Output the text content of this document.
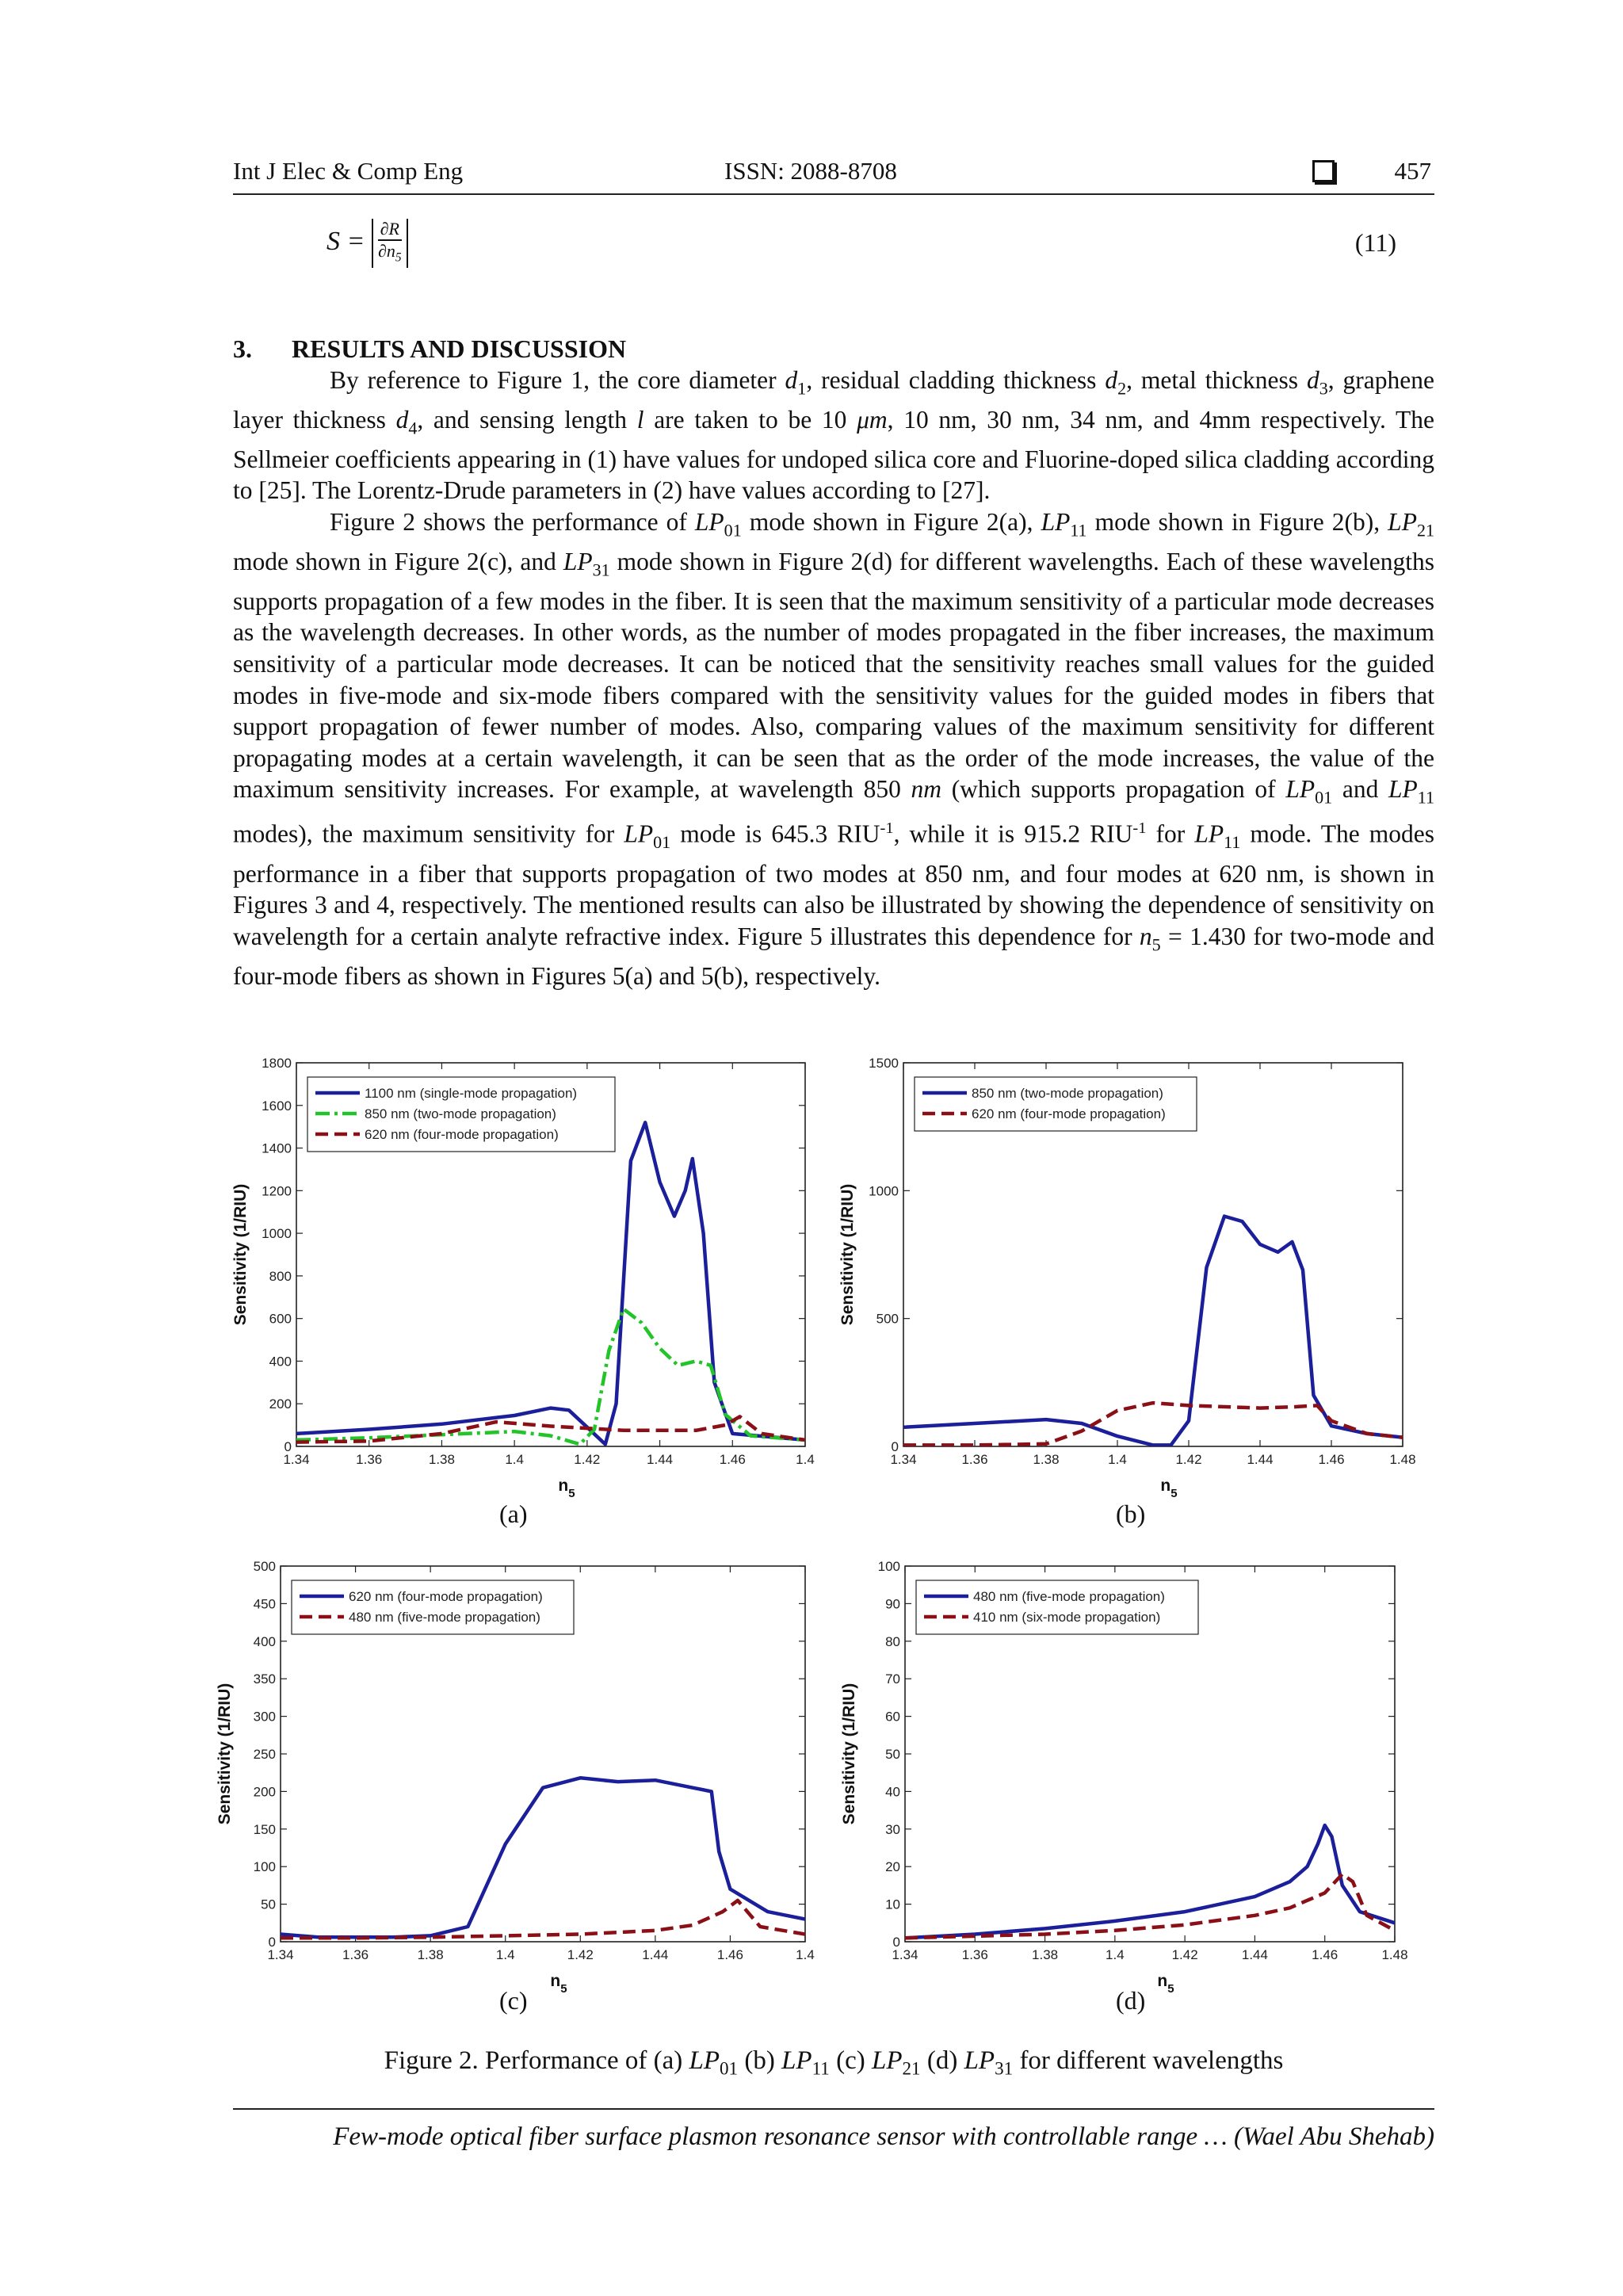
Int J Elec & Comp Eng	ISSN: 2088-8708	457
$S = \frac{\partial R}{\partial n_5}$	(11)
3. RESULTS AND DISCUSSION

By reference to Figure 1, the core diameter $d_1$, residual cladding thickness $d_2$, metal thickness $d_3$, graphene layer thickness $d_4$, and sensing length l are taken to be 10 μm, 10 nm, 30 nm, 34 nm, and 4mm respectively. The Sellmeier coefficients appearing in (1) have values for undoped silica core and Fluorine-doped silica cladding according to [25]. The Lorentz-Drude parameters in (2) have values according to [27].

Figure 2 shows the performance of $LP_{01}$ mode shown in Figure 2(a), $LP_{11}$ mode shown in Figure 2(b), $LP_{21}$ mode shown in Figure 2(c), and $LP_{31}$ mode shown in Figure 2(d) for different wavelengths. Each of these wavelengths supports propagation of a few modes in the fiber. It is seen that the maximum sensitivity of a particular mode decreases as the wavelength decreases. In other words, as the number of modes propagated in the fiber increases, the maximum sensitivity of a particular mode decreases. It can be noticed that the sensitivity reaches small values for the guided modes in five-mode and six-mode fibers compared with the sensitivity values for the guided modes in fibers that support propagation of fewer number of modes. Also, comparing values of the maximum sensitivity for different propagating modes at a certain wavelength, it can be seen that as the order of the mode increases, the value of the maximum sensitivity increases. For example, at wavelength 850 nm (which supports propagation of $LP_{01}$ and $LP_{11}$ modes), the maximum sensitivity for $LP_{01}$ mode is 645.3 $RIU^{-1}$, while it is 915.2 $RIU^{-1}$ for $LP_{11}$ mode. The modes performance in a fiber that supports propagation of two modes at 850 nm, and four modes at 620 nm, is shown in Figures 3 and 4, respectively. The mentioned results can also be illustrated by showing the dependence of sensitivity on wavelength for a certain analyte refractive index. Figure 5 illustrates this dependence for $n_5 = 1.430$ for two-mode and four-mode fibers as shown in Figures 5(a) and 5(b), respectively.

0
200
400
600
800
1000
1200
1400
1600
1800
1.34	1.36	1.38	1.4	1.42	1.44	1.46	1.4
$n_5$
Sensitivity (1/RIU)
1100 nm (single-mode propagation)
850 nm (two-mode propagation)
620 nm (four-mode propagation)
0
500
1000
1500
1.34	1.36	1.38	1.4	1.42	1.44	1.46	1.48
$n_5$
Sensitivity (1/RIU)
850 nm (two-mode propagation)
620 nm (four-mode propagation)
0
50
100
150
200
250
300
350
400
450
500
1.34	1.36	1.38	1.4	1.42	1.44	1.46	1.4
$n_5$
Sensitivity (1/RIU)
620 nm (four-mode propagation)
480 nm (five-mode propagation)
0
10
20
30
40
50
60
70
80
90
100
1.34	1.36	1.38	1.4	1.42	1.44	1.46	1.48
$n_5$
Sensitivity (1/RIU)
480 nm (five-mode propagation)
410 nm (six-mode propagation)
(a)	(b)
(c)	(d)
Figure 2. Performance of (a) $LP_{01}$ (b) $LP_{11}$ (c) $LP_{21}$ (d) $LP_{31}$ for different wavelengths
Few-mode optical fiber surface plasmon resonance sensor with controllable range … (Wael Abu Shehab)
